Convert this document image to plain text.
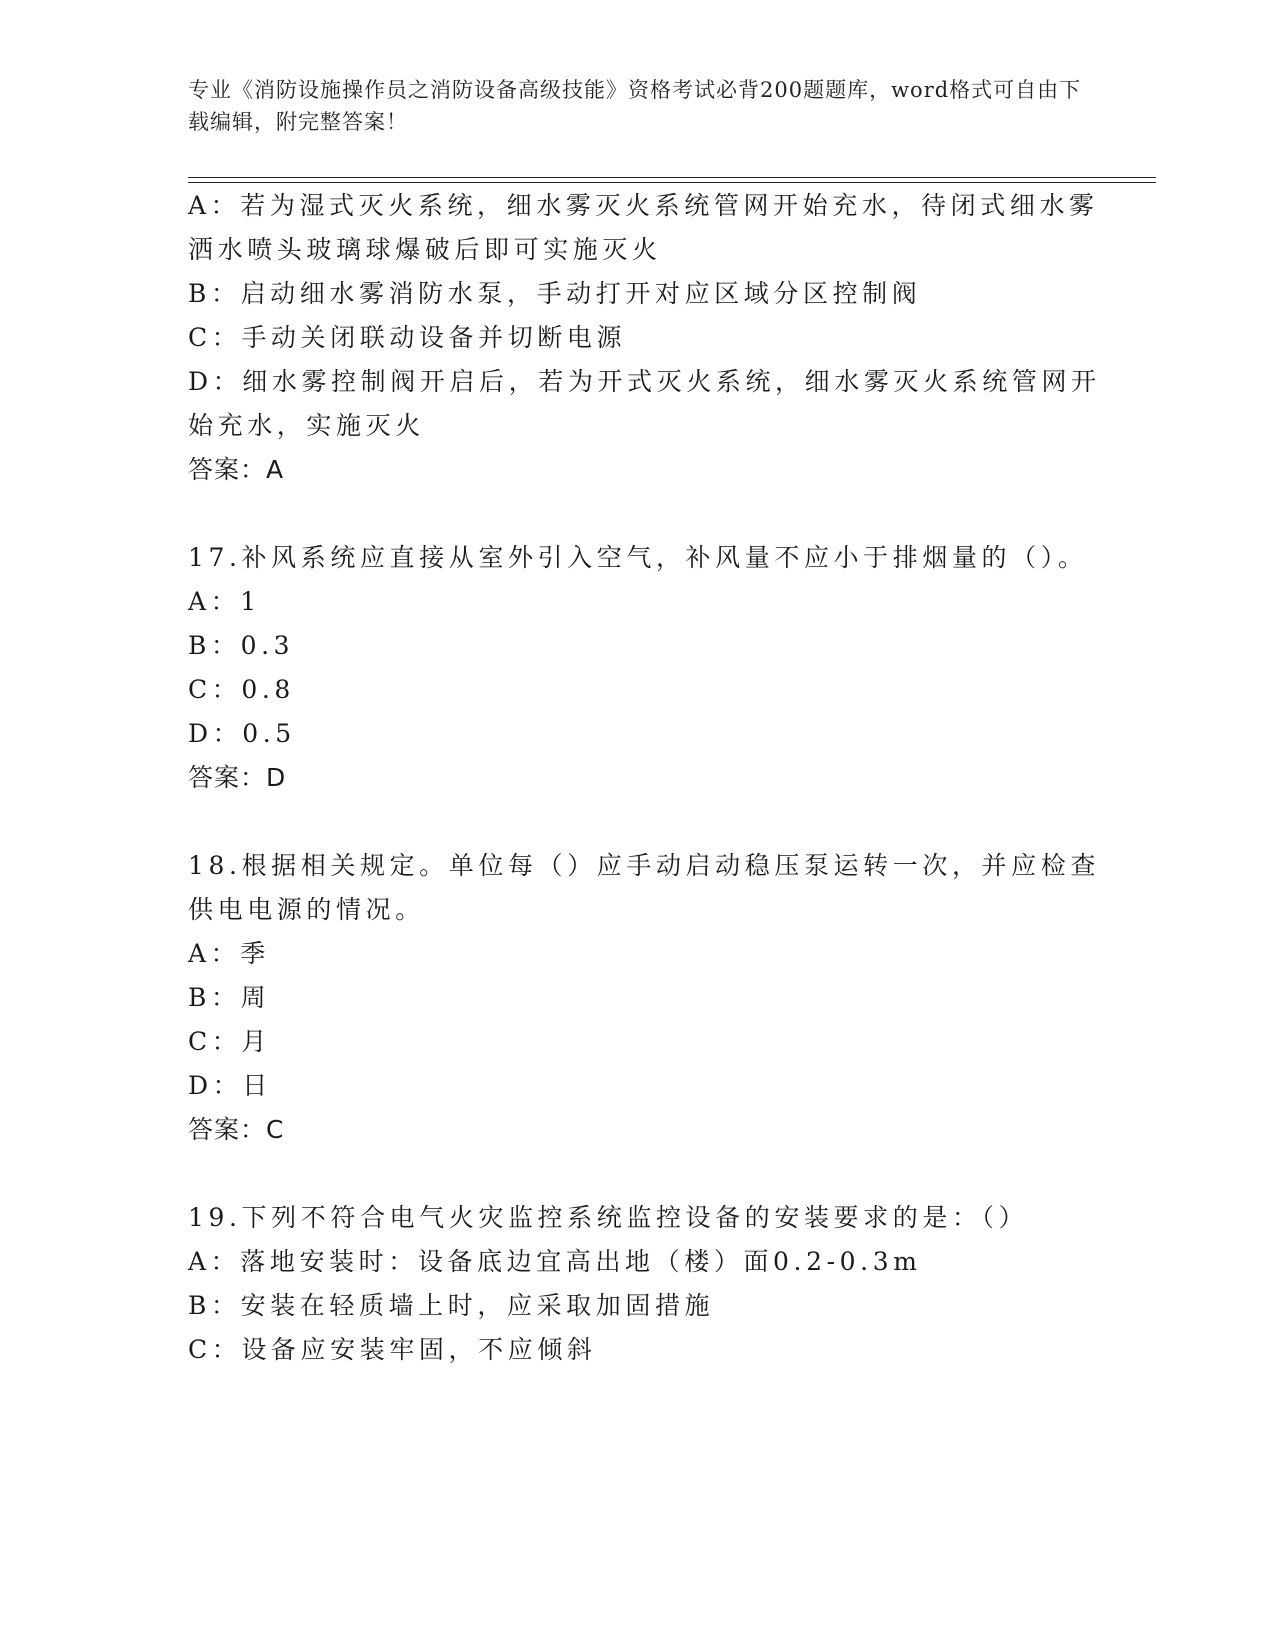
专业《消防设施操作员之消防设备高级技能》资格考试必背200题题库，word格式可自由下载编辑，附完整答案！
A：若为湿式灭火系统，细水雾灭火系统管网开始充水，待闭式细水雾
洒水喷头玻璃球爆破后即可实施灭火
B：启动细水雾消防水泵，手动打开对应区域分区控制阀
C：手动关闭联动设备并切断电源
D：细水雾控制阀开启后，若为开式灭火系统，细水雾灭火系统管网开
始充水，实施灭火
答案：A
17.补风系统应直接从室外引入空气，补风量不应小于排烟量的（）。
A：1
B：0.3
C：0.8
D：0.5
答案：D
18.根据相关规定。单位每（）应手动启动稳压泵运转一次，并应检查
供电电源的情况。
A：季
B：周
C：月
D：日
答案：C
19.下列不符合电气火灾监控系统监控设备的安装要求的是：（）
A：落地安装时：设备底边宜高出地（楼）面0.2-0.3m
B：安装在轻质墙上时，应采取加固措施
C：设备应安装牢固，不应倾斜
